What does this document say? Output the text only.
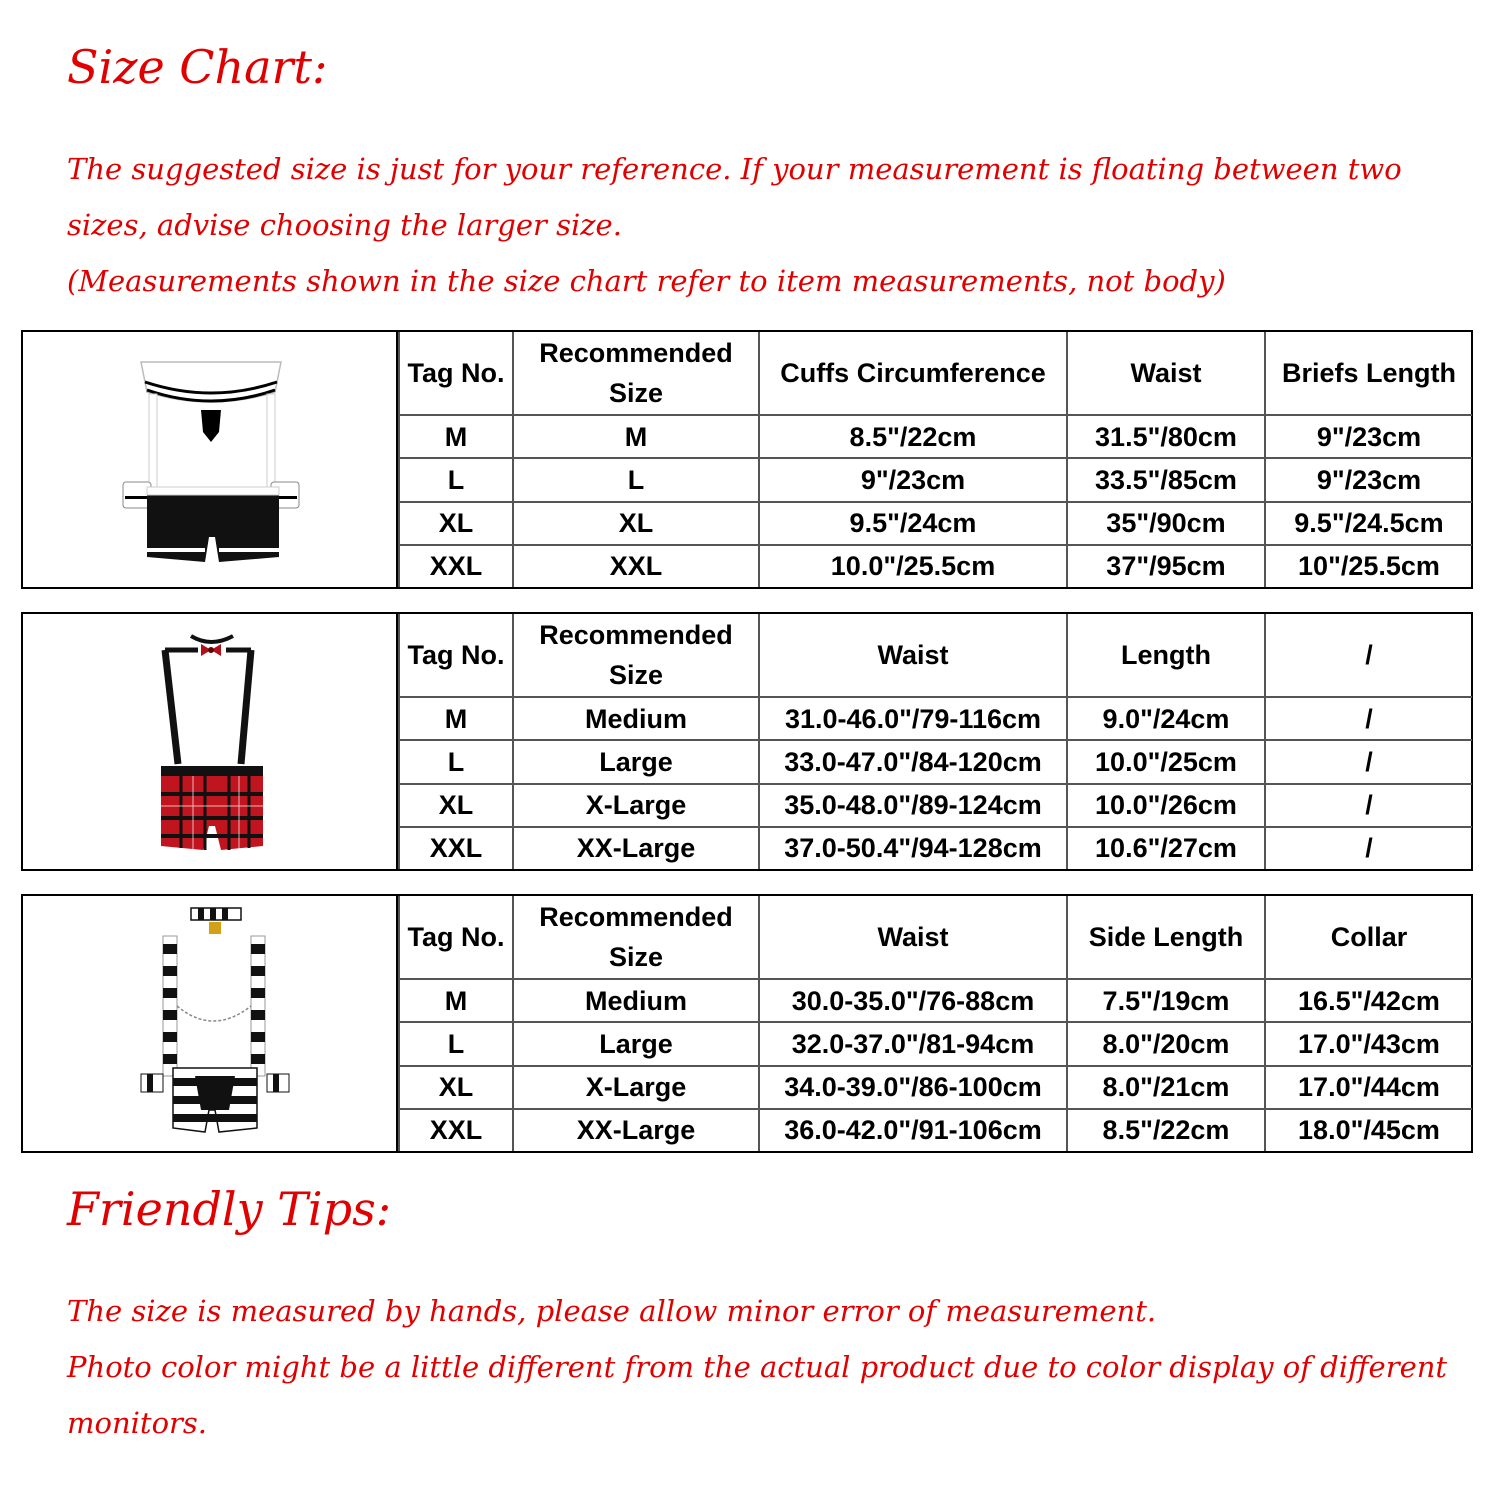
Size Chart:

The suggested size is just for your reference. If your measurement is floating between two sizes, advise choosing the larger size.

(Measurements shown in the size chart refer to item measurements, not body)

Tag No.	Recommended Size	Cuffs Circumference	Waist	Briefs Length
M	M	8.5"/22cm	31.5"/80cm	9"/23cm
L	L	9"/23cm	33.5"/85cm	9"/23cm
XL	XL	9.5"/24cm	35"/90cm	9.5"/24.5cm
XXL	XXL	10.0"/25.5cm	37"/95cm	10"/25.5cm
Tag No.	Recommended Size	Waist	Length	/
M	Medium	31.0-46.0"/79-116cm	9.0"/24cm	/
L	Large	33.0-47.0"/84-120cm	10.0"/25cm	/
XL	X-Large	35.0-48.0"/89-124cm	10.0"/26cm	/
XXL	XX-Large	37.0-50.4"/94-128cm	10.6"/27cm	/
Tag No.	Recommended Size	Waist	Side Length	Collar
M	Medium	30.0-35.0"/76-88cm	7.5"/19cm	16.5"/42cm
L	Large	32.0-37.0"/81-94cm	8.0"/20cm	17.0"/43cm
XL	X-Large	34.0-39.0"/86-100cm	8.0"/21cm	17.0"/44cm
XXL	XX-Large	36.0-42.0"/91-106cm	8.5"/22cm	18.0"/45cm
Friendly Tips:

The size is measured by hands, please allow minor error of measurement.

Photo color might be a little different from the actual product due to color display of different monitors.
